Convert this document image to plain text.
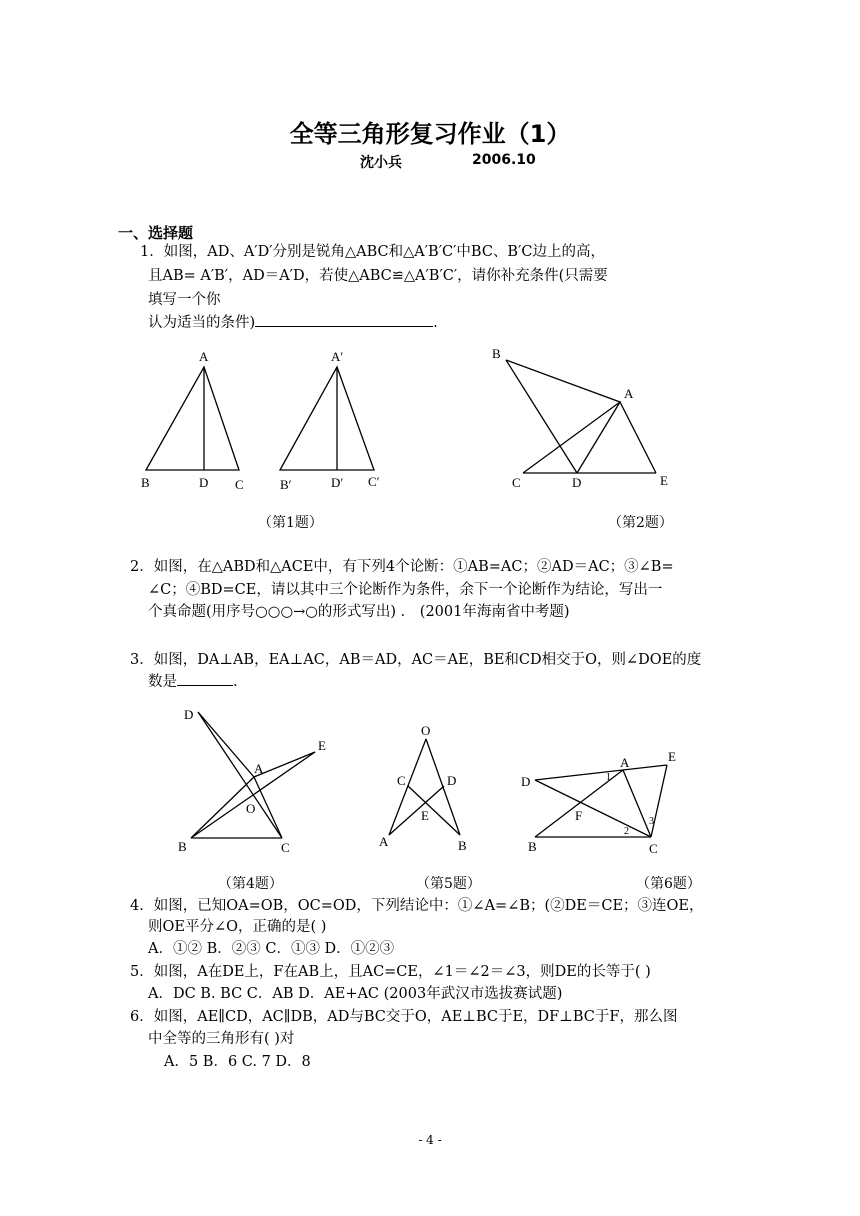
全等三角形复习作业（1）
沈小兵	2006.10
一、选择题
1．如图，AD、A′D′分别是锐角△ABC和△A′B′C′中BC、B′C边上的高，
且AB= A′B′，AD＝A′D，若使△ABC≌△A′B′C′，请你补充条件(只需要
填写一个你
认为适当的条件)	.
A
B	D C
A′
B′	D′ C′
B
A
C	D	E
（第1题）	（第2题）
2．如图，在△ABD和△ACE中，有下列4个论断：①AB=AC；②AD＝AC；③∠B=
∠C；④BD=CE，请以其中三个论断作为条件，余下一个论断作为结论，写出一
个真命题(用序号○○○→○的形式写出) ． (2001年海南省中考题)
3．如图，DA⊥AB，EA⊥AC，AB＝AD，AC＝AE，BE和CD相交于O，则∠DOE的度
数是	．
D
E
A
O
B	C
O
C	D
E
A	B
D
A	E
1
F	3
2
B	C
（第4题）	（第5题）	（第6题）
4．如图，已知OA=OB，OC=OD，下列结论中：①∠A=∠B；(②DE＝CE；③连OE，
则OE平分∠O，正确的是( )
A．①② B．②③ C．①③ D．①②③
5．如图，A在DE上，F在AB上，且AC=CE，∠1＝∠2＝∠3，则DE的长等于( )
A．DC B. BC C．AB D．AE+AC (2003年武汉市选拔赛试题)
6．如图，AE∥CD，AC∥DB，AD与BC交于O，AE⊥BC于E，DF⊥BC于F，那么图
中全等的三角形有( )对
A．5 B．6 C. 7 D．8
- 4 -
